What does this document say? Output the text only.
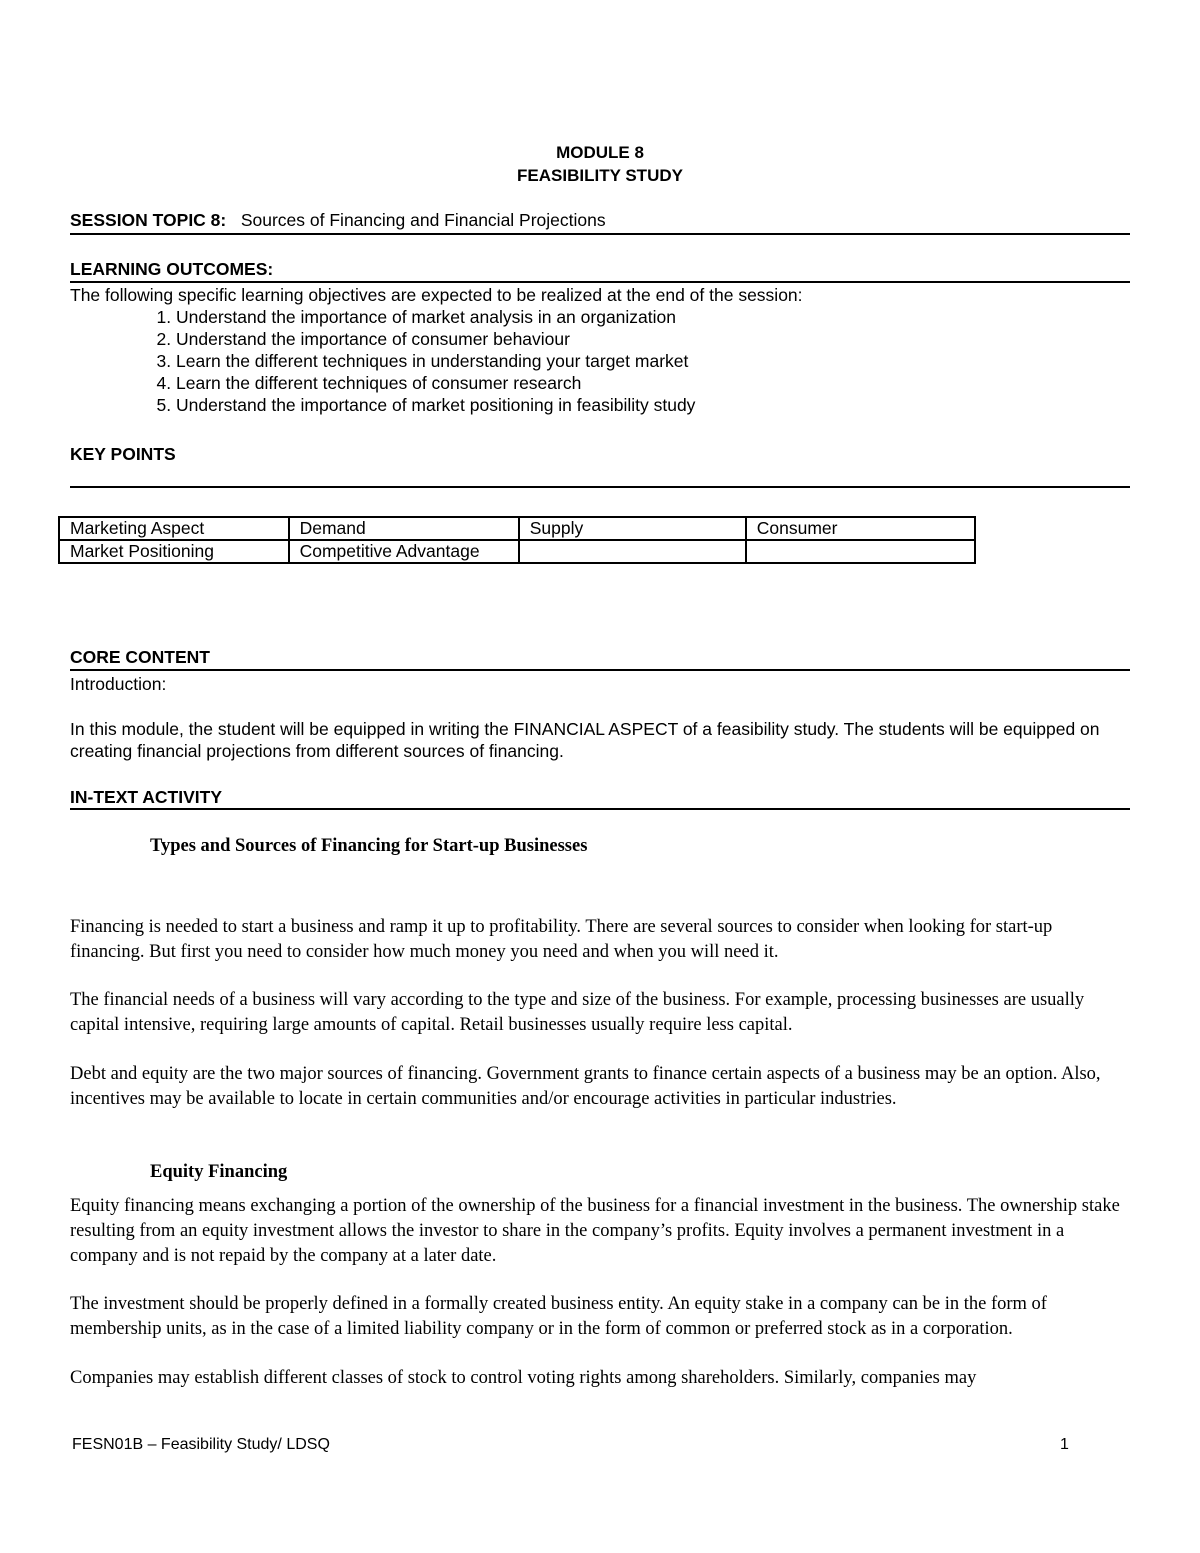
MODULE 8
FEASIBILITY STUDY
SESSION TOPIC 8: Sources of Financing and Financial Projections
LEARNING OUTCOMES:
The following specific learning objectives are expected to be realized at the end of the session:
1. Understand the importance of market analysis in an organization
2. Understand the importance of consumer behaviour
3. Learn the different techniques in understanding your target market
4. Learn the different techniques of consumer research
5. Understand the importance of market positioning in feasibility study
KEY POINTS
Marketing Aspect	Demand	Supply	Consumer
Market Positioning	Competitive Advantage		
CORE CONTENT
Introduction:
In this module, the student will be equipped in writing the FINANCIAL ASPECT of a feasibility study. The students will be equipped on creating financial projections from different sources of financing.
IN-TEXT ACTIVITY
Types and Sources of Financing for Start-up Businesses
Financing is needed to start a business and ramp it up to profitability. There are several sources to consider when looking for start-up financing. But first you need to consider how much money you need and when you will need it.
The financial needs of a business will vary according to the type and size of the business. For example, processing businesses are usually capital intensive, requiring large amounts of capital. Retail businesses usually require less capital.
Debt and equity are the two major sources of financing. Government grants to finance certain aspects of a business may be an option. Also, incentives may be available to locate in certain communities and/or encourage activities in particular industries.
Equity Financing
Equity financing means exchanging a portion of the ownership of the business for a financial investment in the business. The ownership stake resulting from an equity investment allows the investor to share in the company’s profits. Equity involves a permanent investment in a company and is not repaid by the company at a later date.
The investment should be properly defined in a formally created business entity. An equity stake in a company can be in the form of membership units, as in the case of a limited liability company or in the form of common or preferred stock as in a corporation.
Companies may establish different classes of stock to control voting rights among shareholders. Similarly, companies may
FESN01B – Feasibility Study/ LDSQ	1
